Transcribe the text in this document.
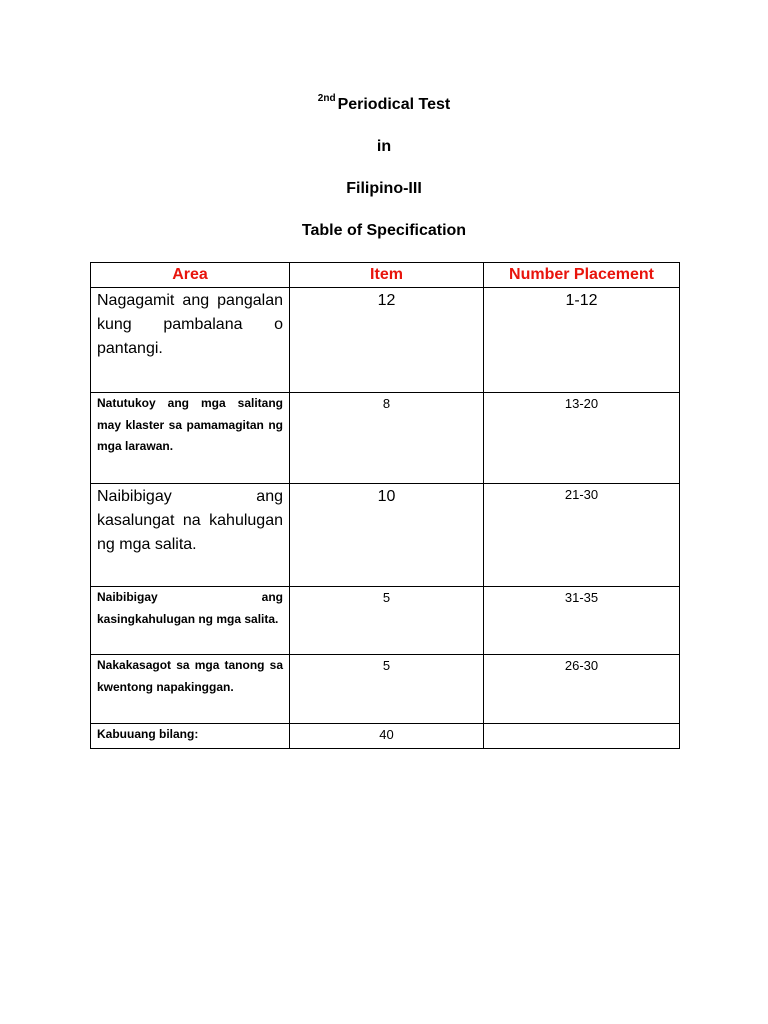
$^{2nd}$ Periodical Test

in

Filipino-III

Table of Specification

Area	Item	Number Placement
Nagagamit ang pangalan kung pambalana o pantangi.	12	1-12
Natutukoy ang mga salitang may klaster sa pamamagitan ng mga larawan.	8	13-20
Naibibigay ang kasalungat na kahulugan ng mga salita.	10	21-30
Naibibigay ang kasingkahulugan ng mga salita.	5	31-35
Nakakasagot sa mga tanong sa kwentong napakinggan.	5	26-30
Kabuuang bilang:	40	
